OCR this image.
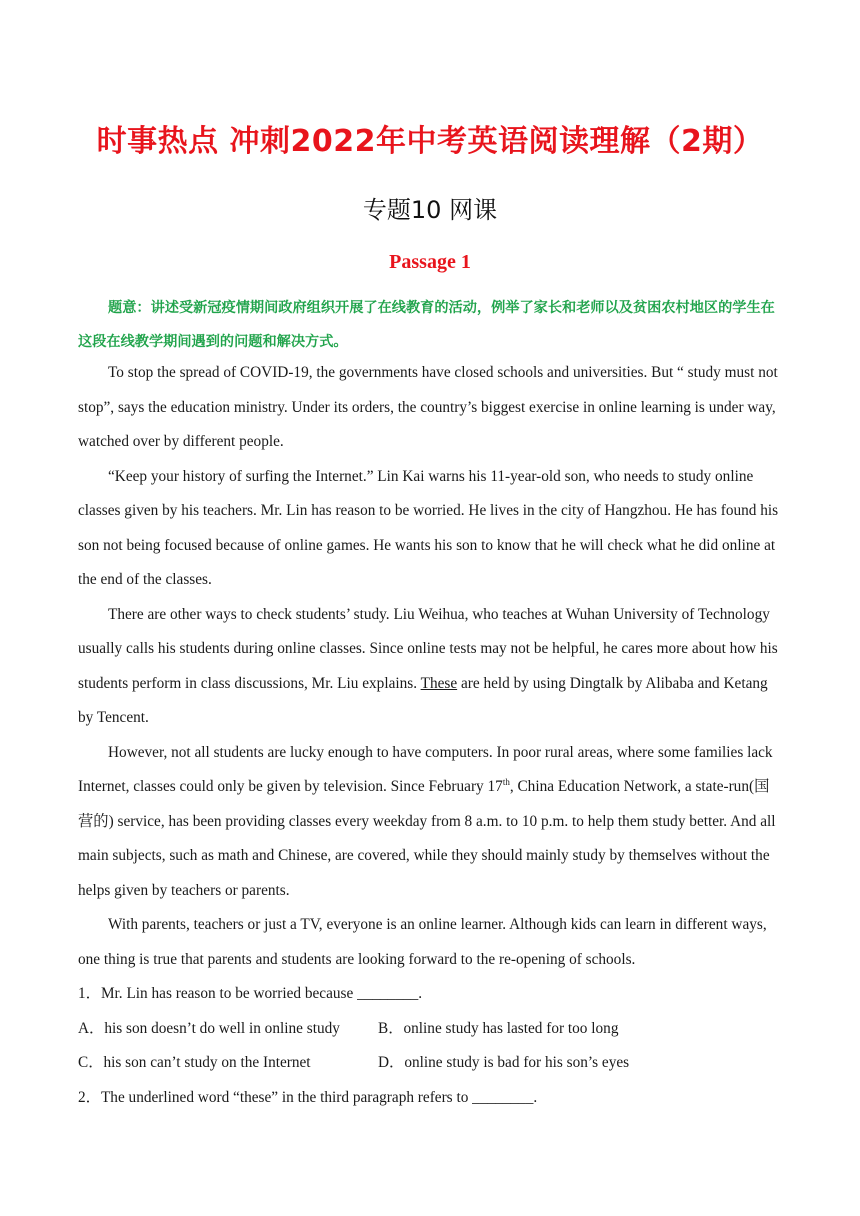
时事热点 冲刺2022年中考英语阅读理解（2期）
专题10 网课
Passage 1
题意：讲述受新冠疫情期间政府组织开展了在线教育的活动，例举了家长和老师以及贫困农村地区的学生在这段在线教学期间遇到的问题和解决方式。

To stop the spread of COVID-19, the governments have closed schools and universities. But “ study must not stop”, says the education ministry. Under its orders, the country’s biggest exercise in online learning is under way, watched over by different people.

“Keep your history of surfing the Internet.” Lin Kai warns his 11-year-old son, who needs to study online classes given by his teachers. Mr. Lin has reason to be worried. He lives in the city of Hangzhou. He has found his son not being focused because of online games. He wants his son to know that he will check what he did online at the end of the classes.

There are other ways to check students’ study. Liu Weihua, who teaches at Wuhan University of Technology usually calls his students during online classes. Since online tests may not be helpful, he cares more about how his students perform in class discussions, Mr. Liu explains. These are held by using Dingtalk by Alibaba and Ketang by Tencent.

However, not all students are lucky enough to have computers. In poor rural areas, where some families lack Internet, classes could only be given by television. Since February 17th, China Education Network, a state-run(国营的) service, has been providing classes every weekday from 8 a.m. to 10 p.m. to help them study better. And all main subjects, such as math and Chinese, are covered, while they should mainly study by themselves without the helps given by teachers or parents.

With parents, teachers or just a TV, everyone is an online learner. Although kids can learn in different ways, one thing is true that parents and students are looking forward to the re-opening of schools.

1．Mr. Lin has reason to be worried because ________.
A．his son doesn’t do well in online study	B．online study has lasted for too long
C．his son can’t study on the Internet	D．online study is bad for his son’s eyes
2．The underlined word “these” in the third paragraph refers to ________.
